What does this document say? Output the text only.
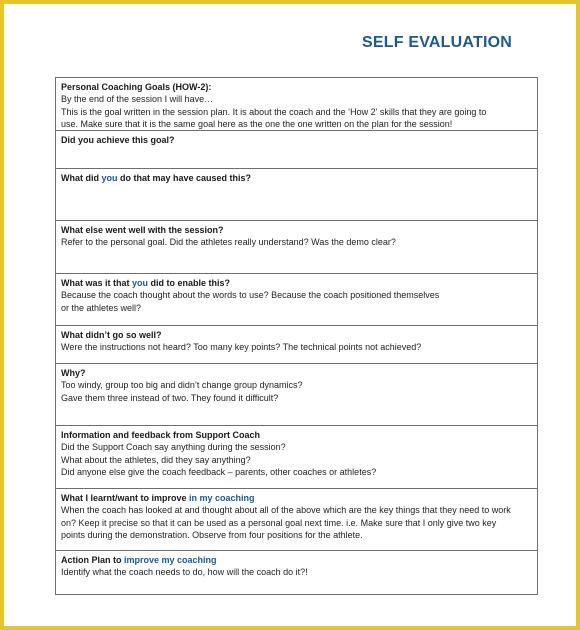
SELF EVALUATION
Personal Coaching Goals (HOW-2):
By the end of the session I will have…
This is the goal written in the session plan. It is about the coach and the ‘How 2’ skills that they are going to
use. Make sure that it is the same goal here as the one the one written on the plan for the session!
Did you achieve this goal?
What did you do that may have caused this?
What else went well with the session?
Refer to the personal goal. Did the athletes really understand? Was the demo clear?
What was it that you did to enable this?
Because the coach thought about the words to use? Because the coach positioned themselves
or the athletes well?
What didn’t go so well?
Were the instructions not heard? Too many key points? The technical points not achieved?
Why?
Too windy, group too big and didn’t change group dynamics?
Gave them three instead of two. They found it difficult?
Information and feedback from Support Coach
Did the Support Coach say anything during the session?
What about the athletes, did they say anything?
Did anyone else give the coach feedback – parents, other coaches or athletes?
What I learnt/want to improve in my coaching
When the coach has looked at and thought about all of the above which are the key things that they need to work
on? Keep it precise so that it can be used as a personal goal next time. i.e. Make sure that I only give two key
points during the demonstration. Observe from four positions for the athlete.
Action Plan to improve my coaching
Identify what the coach needs to do, how will the coach do it?!
